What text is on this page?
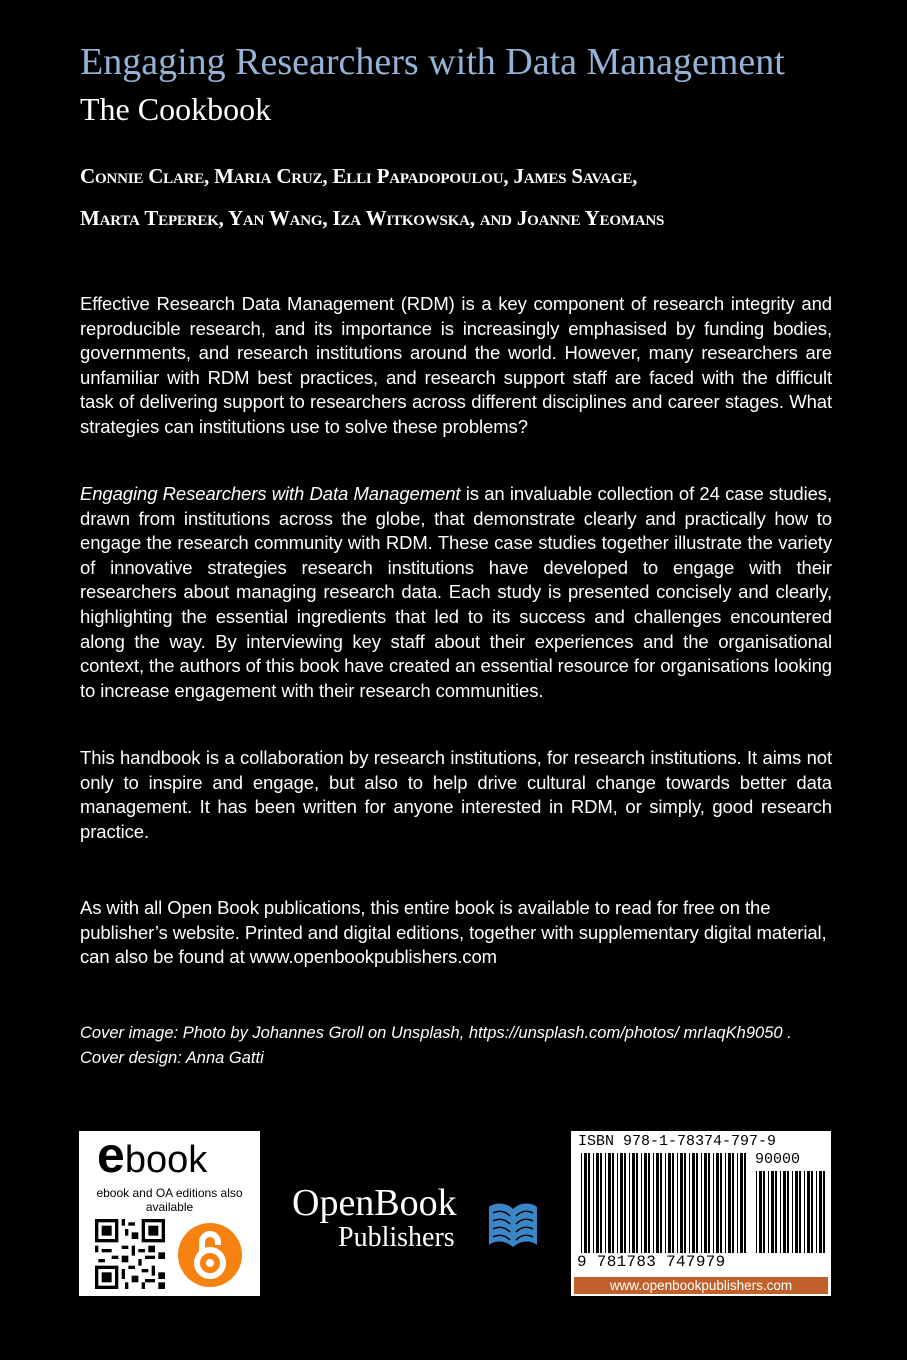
Engaging Researchers with Data Management
The Cookbook
Connie Clare, Maria Cruz, Elli Papadopoulou, James Savage,
Marta Teperek, Yan Wang, Iza Witkowska, and Joanne Yeomans

Effective Research Data Management (RDM) is a key component of research integrity and reproducible research, and its importance is increasingly emphasised by funding bodies, governments, and research institutions around the world. However, many researchers are unfamiliar with RDM best practices, and research support staff are faced with the difficult task of delivering support to researchers across different disciplines and career stages. What strategies can institutions use to solve these problems?

Engaging Researchers with Data Management is an invaluable collection of 24 case studies, drawn from institutions across the globe, that demonstrate clearly and practically how to engage the research community with RDM. These case studies together illustrate the variety of innovative strategies research institutions have developed to engage with their researchers about managing research data. Each study is presented concisely and clearly, highlighting the essential ingredients that led to its success and challenges encountered along the way. By interviewing key staff about their experiences and the organisational context, the authors of this book have created an essential resource for organisations looking to increase engagement with their research communities.

This handbook is a collaboration by research institutions, for research institutions. It aims not only to inspire and engage, but also to help drive cultural change towards better data management. It has been written for anyone interested in RDM, or simply, good research practice.

As with all Open Book publications, this entire book is available to read for free on the publisher’s website. Printed and digital editions, together with supplementary digital material, can also be found at www.openbookpublishers.com

Cover image: Photo by Johannes Groll on Unsplash, https://unsplash.com/photos/ mrIaqKh9050 . Cover design: Anna Gatti

ebook
ebook and OA editions also available	OpenBook
Publishers
ISBN 978-1-78374-797-9
90000
9 781783 747979
www.openbookpublishers.com
